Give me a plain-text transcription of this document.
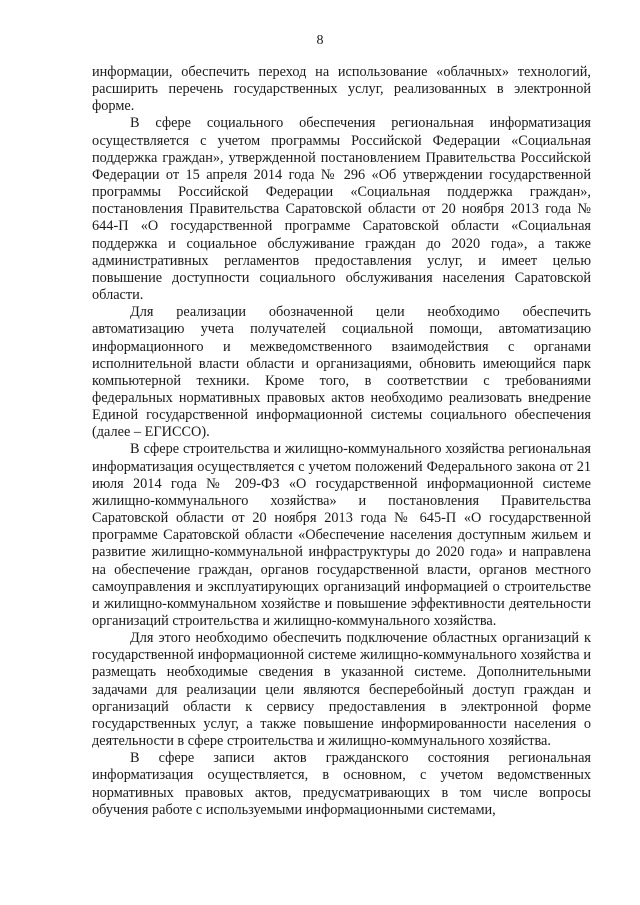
8

информации, обеспечить переход на использование «облачных» технологий, расширить перечень государственных услуг, реализованных в электронной форме.

В сфере социального обеспечения региональная информатизация осуществляется с учетом программы Российской Федерации «Социальная поддержка граждан», утвержденной постановлением Правительства Российской Федерации от 15 апреля 2014 года № 296 «Об утверждении государственной программы Российской Федерации «Социальная поддержка граждан», постановления Правительства Саратовской области от 20 ноября 2013 года № 644-П «О государственной программе Саратовской области «Социальная поддержка и социальное обслуживание граждан до 2020 года», а также административных регламентов предоставления услуг, и имеет целью повышение доступности социального обслуживания населения Саратовской области.

Для реализации обозначенной цели необходимо обеспечить автоматизацию учета получателей социальной помощи, автоматизацию информационного и межведомственного взаимодействия с органами исполнительной власти области и организациями, обновить имеющийся парк компьютерной техники. Кроме того, в соответствии с требованиями федеральных нормативных правовых актов необходимо реализовать внедрение Единой государственной информационной системы социального обеспечения (далее – ЕГИССО).

В сфере строительства и жилищно-коммунального хозяйства региональная информатизация осуществляется с учетом положений Федерального закона от 21 июля 2014 года № 209-ФЗ «О государственной информационной системе жилищно-коммунального хозяйства» и постановления Правительства Саратовской области от 20 ноября 2013 года № 645-П «О государственной программе Саратовской области «Обеспечение населения доступным жильем и развитие жилищно-коммунальной инфраструктуры до 2020 года» и направлена на обеспечение граждан, органов государственной власти, органов местного самоуправления и эксплуатирующих организаций информацией о строительстве и жилищно-коммунальном хозяйстве и повышение эффективности деятельности организаций строительства и жилищно-коммунального хозяйства.

Для этого необходимо обеспечить подключение областных организаций к государственной информационной системе жилищно-коммунального хозяйства и размещать необходимые сведения в указанной системе. Дополнительными задачами для реализации цели являются бесперебойный доступ граждан и организаций области к сервису предоставления в электронной форме государственных услуг, а также повышение информированности населения о деятельности в сфере строительства и жилищно-коммунального хозяйства.

В сфере записи актов гражданского состояния региональная информатизация осуществляется, в основном, с учетом ведомственных нормативных правовых актов, предусматривающих в том числе вопросы обучения работе с используемыми информационными системами,
